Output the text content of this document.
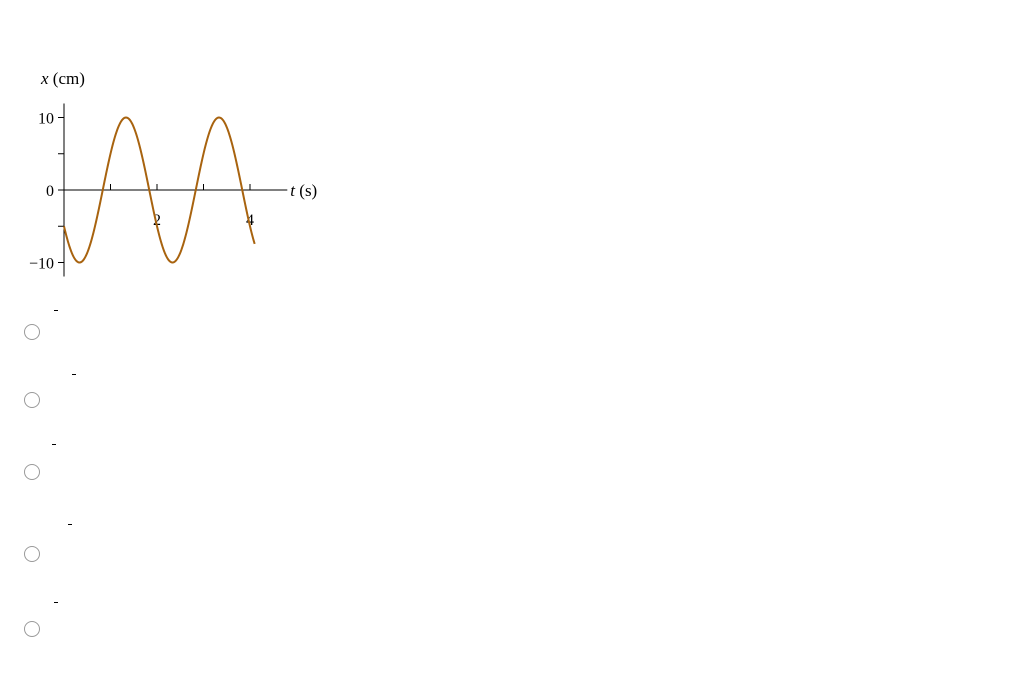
10
0
−10
2	4
x (cm)
t (s)
